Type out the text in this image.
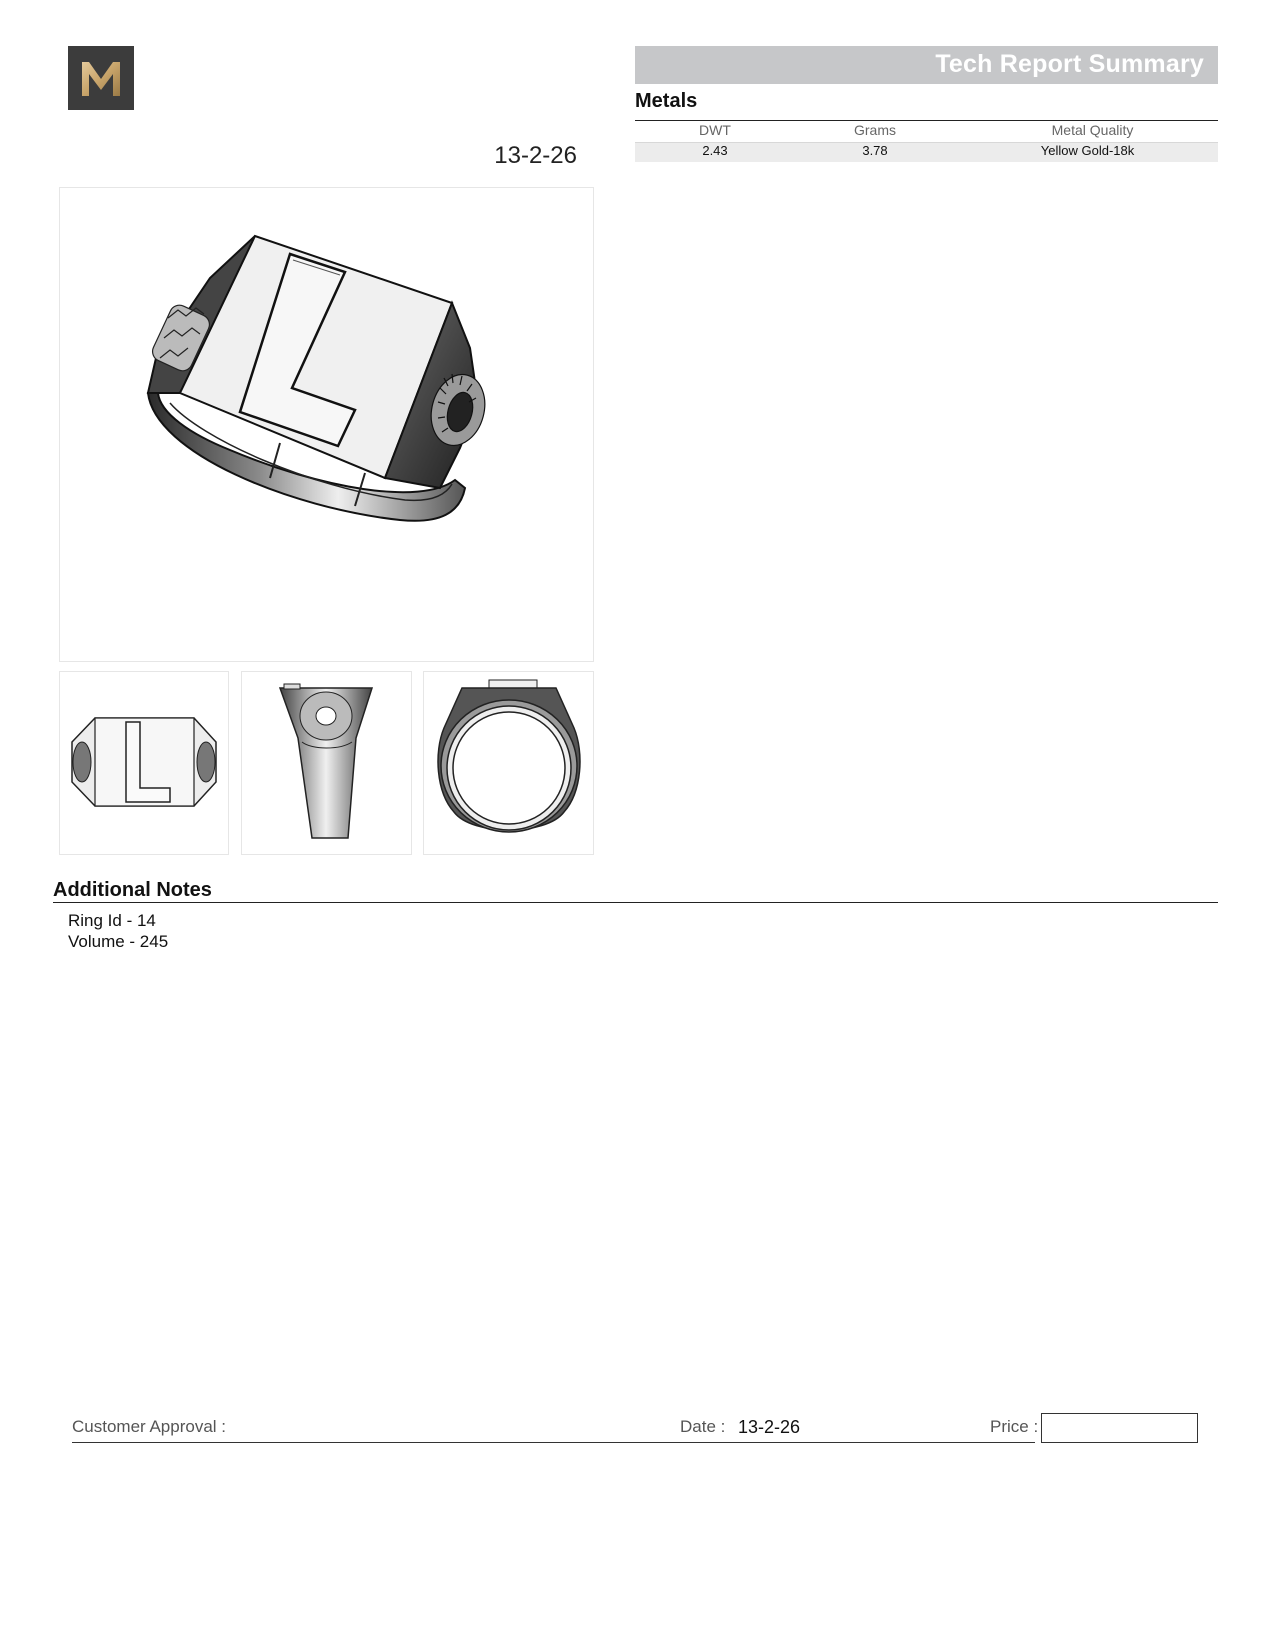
13-2-26
Tech Report Summary
Metals
DWT	Grams	Metal Quality
2.43	3.78	Yellow Gold-18k
Additional Notes
Ring Id - 14
Volume - 245
Customer Approval :	Date : 13-2-26	Price :
